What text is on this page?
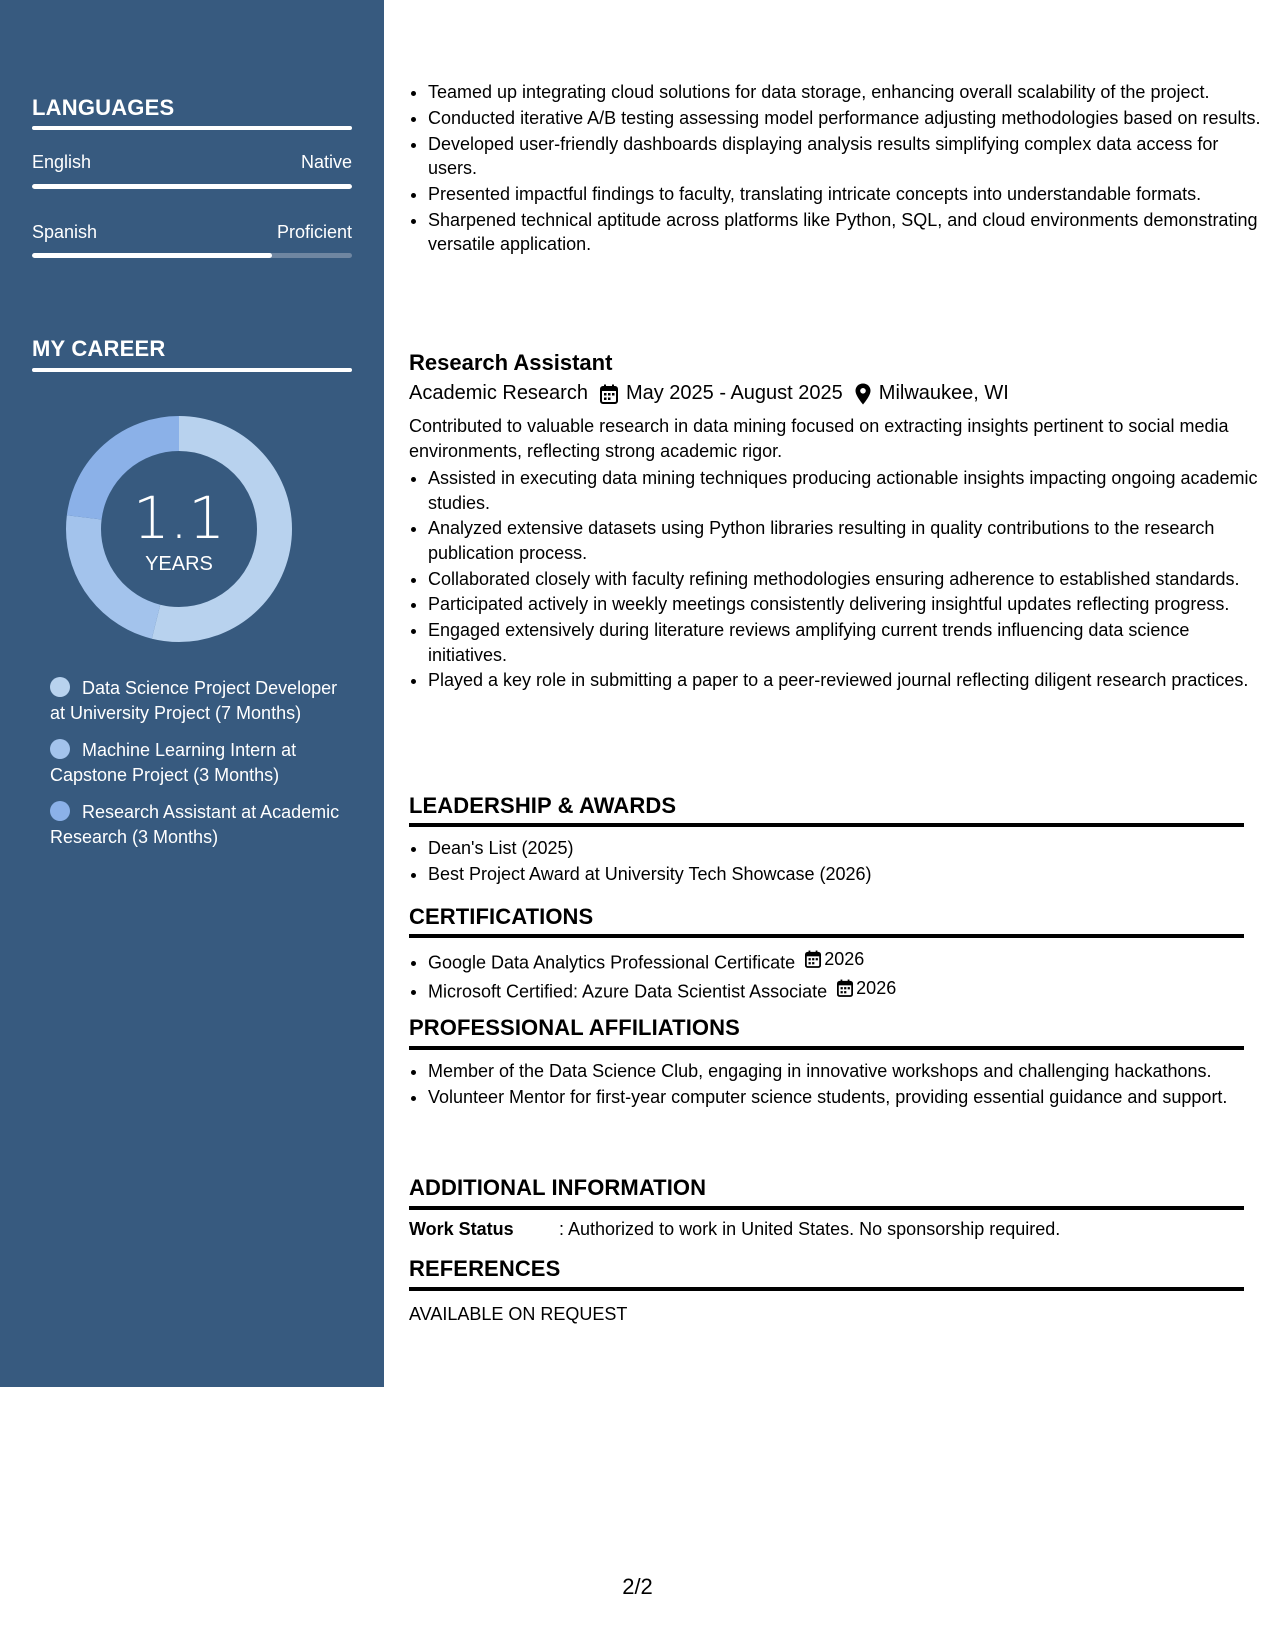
LANGUAGES
English	Native
Spanish	Proficient
MY CAREER
1.1
YEARS
Data Science Project Developer at University Project (7 Months)
Machine Learning Intern at Capstone Project (3 Months)
Research Assistant at Academic Research (3 Months)
• Teamed up integrating cloud solutions for data storage, enhancing overall scalability of the project.
• Conducted iterative A/B testing assessing model performance adjusting methodologies based on results.
• Developed user-friendly dashboards displaying analysis results simplifying complex data access for users.
• Presented impactful findings to faculty, translating intricate concepts into understandable formats.
• Sharpened technical aptitude across platforms like Python, SQL, and cloud environments demonstrating versatile application.
Research Assistant
Academic Research May 2025 - August 2025 Milwaukee, WI

Contributed to valuable research in data mining focused on extracting insights pertinent to social media environments, reflecting strong academic rigor.

• Assisted in executing data mining techniques producing actionable insights impacting ongoing academic studies.
• Analyzed extensive datasets using Python libraries resulting in quality contributions to the research publication process.
• Collaborated closely with faculty refining methodologies ensuring adherence to established standards.
• Participated actively in weekly meetings consistently delivering insightful updates reflecting progress.
• Engaged extensively during literature reviews amplifying current trends influencing data science initiatives.
• Played a key role in submitting a paper to a peer-reviewed journal reflecting diligent research practices.
LEADERSHIP & AWARDS
• Dean's List (2025)
• Best Project Award at University Tech Showcase (2026)
CERTIFICATIONS
• Google Data Analytics Professional Certificate 2026
• Microsoft Certified: Azure Data Scientist Associate 2026
PROFESSIONAL AFFILIATIONS
• Member of the Data Science Club, engaging in innovative workshops and challenging hackathons.
• Volunteer Mentor for first-year computer science students, providing essential guidance and support.
ADDITIONAL INFORMATION
Work Status	: Authorized to work in United States. No sponsorship required.
REFERENCES
AVAILABLE ON REQUEST
2/2
